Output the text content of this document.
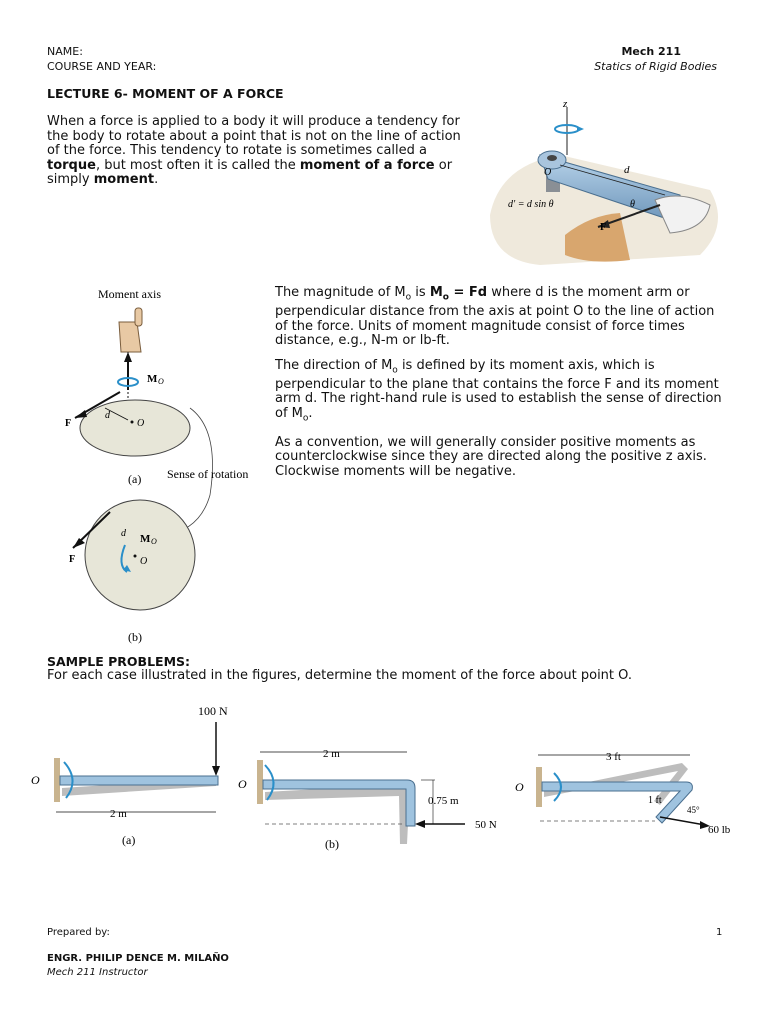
NAME:
COURSE AND YEAR:
Mech 211
Statics of Rigid Bodies
LECTURE 6- MOMENT OF A FORCE
When a force is applied to a body it will produce a tendency for the body to rotate about a point that is not on the line of action of the force. This tendency to rotate is sometimes called a torque, but most often it is called the moment of a force or simply moment.
z
O	d
F
θ
d′ = d sin θ
Moment axis
M O
d
F	O
(a) Sense of rotation
d M O
F	O
(b)

The magnitude of $M_o$ is $M_o = Fd$ where d is the moment arm or perpendicular distance from the axis at point O to the line of action of the force. Units of moment magnitude consist of force times distance, e.g., N-m or lb-ft.

The direction of $M_o$ is defined by its moment axis, which is perpendicular to the plane that contains the force F and its moment arm d. The right-hand rule is used to establish the sense of direction of $M_o$.

As a convention, we will generally consider positive moments as counterclockwise since they are directed along the positive z axis. Clockwise moments will be negative.

SAMPLE PROBLEMS:
For each case illustrated in the figures, determine the moment of the force about point O.
100 N
O
2 m
(a)
2 m
O
0.75 m
50 N
(b)
3 ft
O
1 ft
45°
60 lb
Prepared by:	1
ENGR. PHILIP DENCE M. MILAÑO
Mech 211 Instructor
